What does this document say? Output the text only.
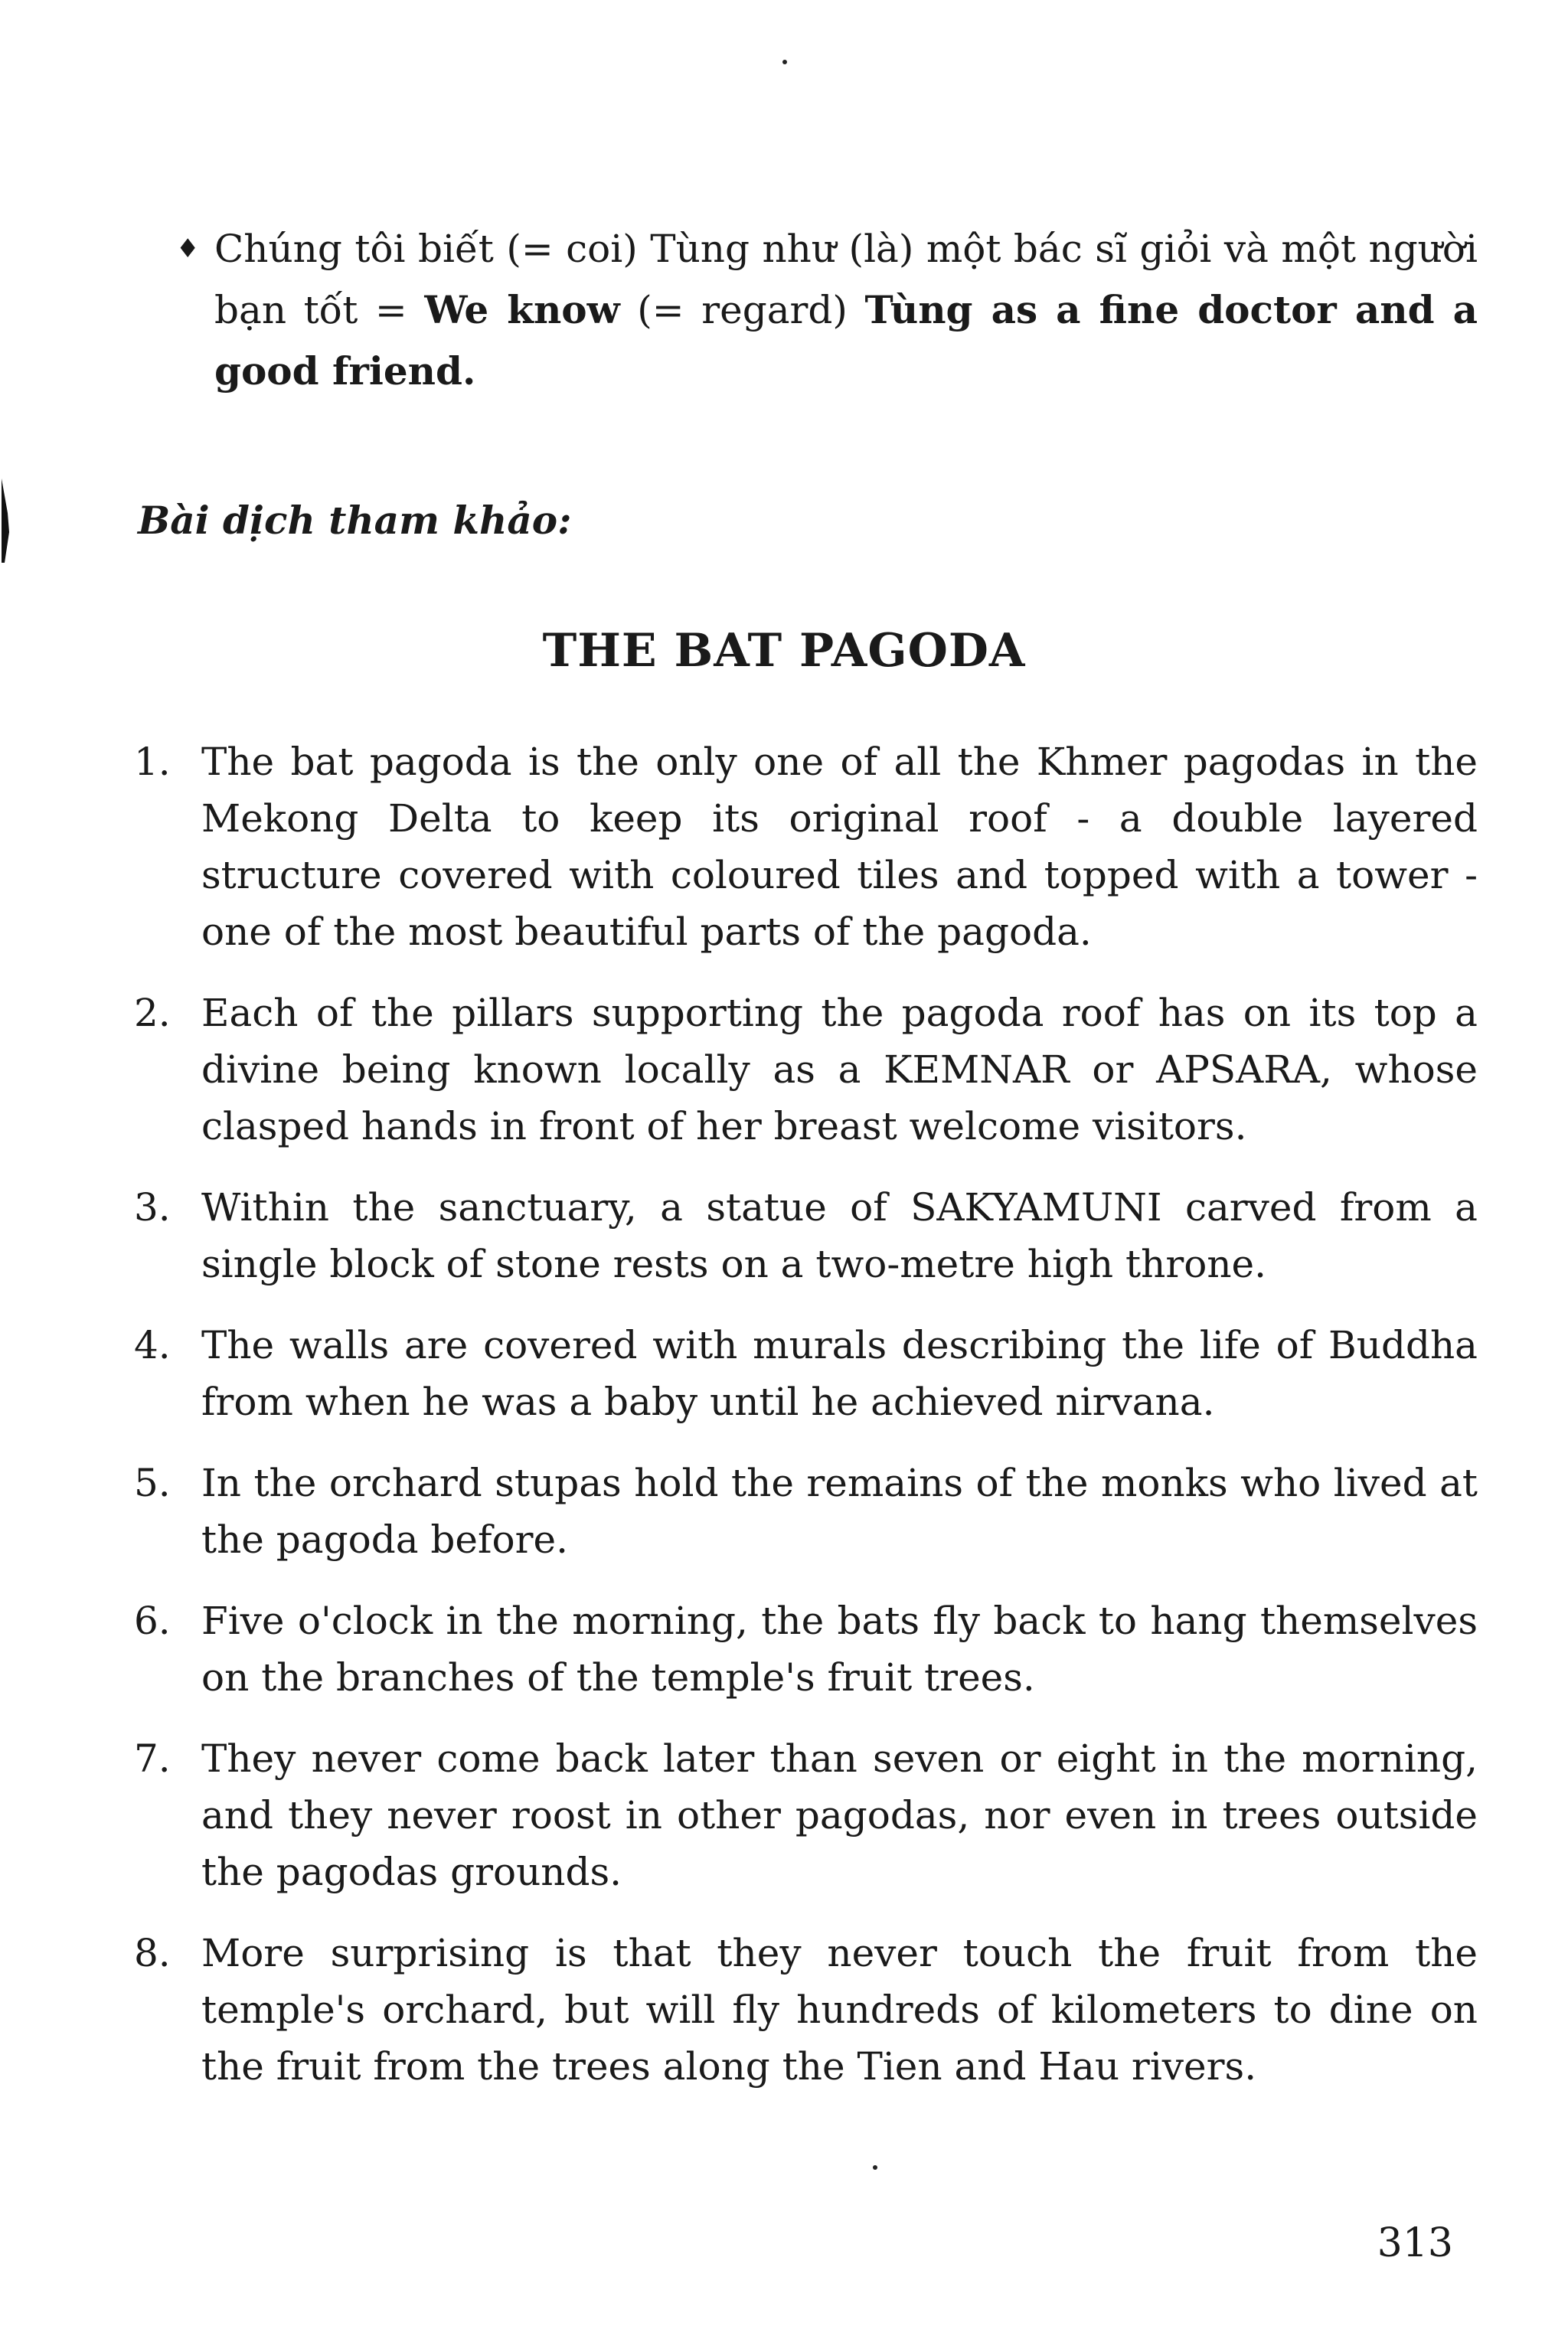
♦ Chúng tôi biết (= coi) Tùng như (là) một bác sĩ giỏi và một người bạn tốt = We know (= regard) Tùng as a fine doctor and a good friend.
Bài dịch tham khảo:
THE BAT PAGODA
1. The bat pagoda is the only one of all the Khmer pagodas in the Mekong Delta to keep its original roof - a double layered structure covered with coloured tiles and topped with a tower - one of the most beautiful parts of the pagoda.
2. Each of the pillars supporting the pagoda roof has on its top a divine being known locally as a KEMNAR or APSARA, whose clasped hands in front of her breast welcome visitors.
3. Within the sanctuary, a statue of SAKYAMUNI carved from a single block of stone rests on a two-metre high throne.
4. The walls are covered with murals describing the life of Buddha from when he was a baby until he achieved nirvana.
5. In the orchard stupas hold the remains of the monks who lived at the pagoda before.
6. Five o'clock in the morning, the bats fly back to hang themselves on the branches of the temple's fruit trees.
7. They never come back later than seven or eight in the morning, and they never roost in other pagodas, nor even in trees outside the pagodas grounds.
8. More surprising is that they never touch the fruit from the temple's orchard, but will fly hundreds of kilometers to dine on the fruit from the trees along the Tien and Hau rivers.
313
